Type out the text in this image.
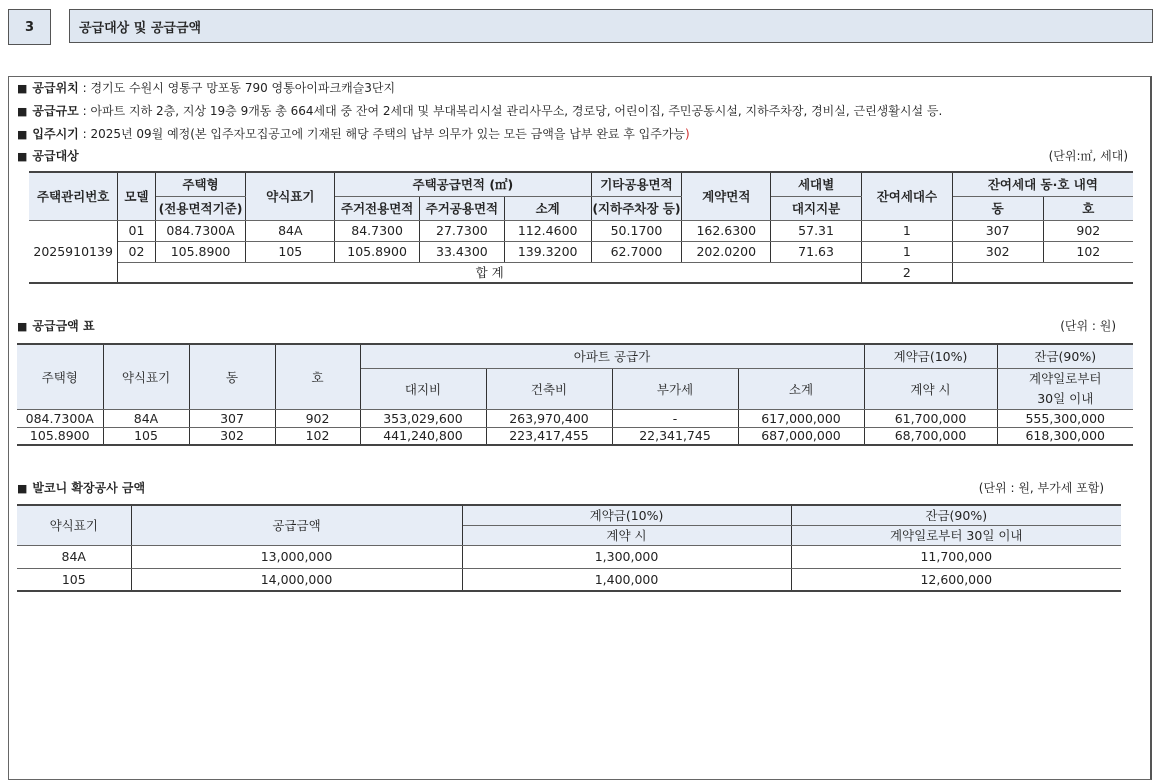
3	공급대상 및 공급금액
■ 공급위치 : 경기도 수원시 영통구 망포동 790 영통아이파크캐슬3단지
■ 공급규모 : 아파트 지하 2층, 지상 19층 9개동 총 664세대 중 잔여 2세대 및 부대복리시설 관리사무소, 경로당, 어린이집, 주민공동시설, 지하주차장, 경비실, 근린생활시설 등.
■ 입주시기 : 2025년 09월 예정(본 입주자모집공고에 기재된 해당 주택의 납부 의무가 있는 모든 금액을 납부 완료 후 입주가능)
■ 공급대상	(단위:㎡, 세대)
주택관리번호	모델	주택형	약식표기	주택공급면적 (㎡)			기타공용면적	계약면적	세대별	잔여세대수	잔여세대 동·호 내역	
		(전용면적기준)		주거전용면적	주거공용면적	소계	(지하주차장 등)		대지지분		동	호
2025910139	01	084.7300A	84A	84.7300	27.7300	112.4600	50.1700	162.6300	57.31	1	307	902
	02	105.8900	105	105.8900	33.4300	139.3200	62.7000	202.0200	71.63	1	302	102
	합 계									2		
■ 공급금액 표	(단위 : 원)
주택형	약식표기	동	호	아파트 공급가				계약금(10%)	잔금(90%)
				대지비	건축비	부가세	소계	계약 시	계약일로부터
30일 이내
084.7300A	84A	307	902	353,029,600	263,970,400	-	617,000,000	61,700,000	555,300,000
105.8900	105	302	102	441,240,800	223,417,455	22,341,745	687,000,000	68,700,000	618,300,000
■ 발코니 확장공사 금액	(단위 : 원, 부가세 포함)
약식표기	공급금액	계약금(10%)	잔금(90%)
		계약 시	계약일로부터 30일 이내
84A	13,000,000	1,300,000	11,700,000
105	14,000,000	1,400,000	12,600,000
